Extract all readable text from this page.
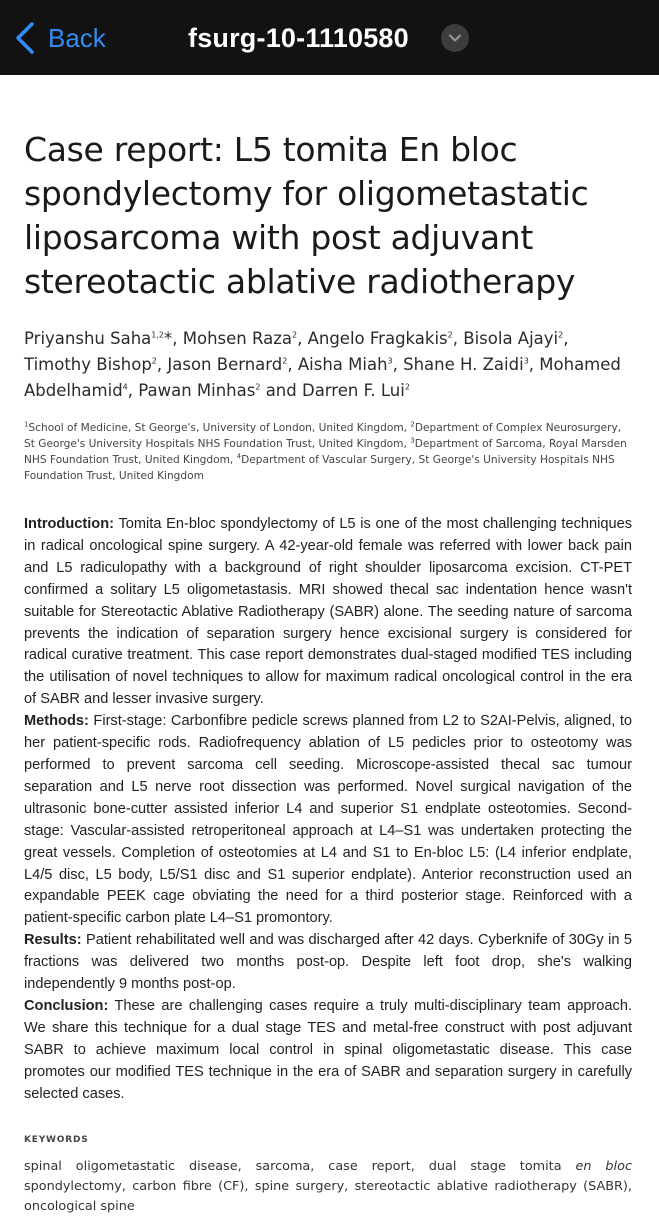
Back	fsurg-10-1110580
Case report: L5 tomita En bloc spondylectomy for oligometastatic liposarcoma with post adjuvant stereotactic ablative radiotherapy
Priyanshu Saha$^{1,2}$*, Mohsen Raza$^2$, Angelo Fragkakis$^2$, Bisola Ajayi$^2$, Timothy Bishop$^2$, Jason Bernard$^2$, Aisha Miah$^3$, Shane H. Zaidi$^3$, Mohamed Abdelhamid$^4$, Pawan Minhas$^2$ and Darren F. Lui$^2$
$^1$School of Medicine, St George's, University of London, United Kingdom, $^2$Department of Complex Neurosurgery, St George's University Hospitals NHS Foundation Trust, United Kingdom, $^3$Department of Sarcoma, Royal Marsden NHS Foundation Trust, United Kingdom, $^4$Department of Vascular Surgery, St George's University Hospitals NHS Foundation Trust, United Kingdom

Introduction: Tomita En-bloc spondylectomy of L5 is one of the most challenging techniques in radical oncological spine surgery. A 42-year-old female was referred with lower back pain and L5 radiculopathy with a background of right shoulder liposarcoma excision. CT-PET confirmed a solitary L5 oligometastasis. MRI showed thecal sac indentation hence wasn't suitable for Stereotactic Ablative Radiotherapy (SABR) alone. The seeding nature of sarcoma prevents the indication of separation surgery hence excisional surgery is considered for radical curative treatment. This case report demonstrates dual-staged modified TES including the utilisation of novel techniques to allow for maximum radical oncological control in the era of SABR and lesser invasive surgery.

Methods: First-stage: Carbonfibre pedicle screws planned from L2 to S2AI-Pelvis, aligned, to her patient-specific rods. Radiofrequency ablation of L5 pedicles prior to osteotomy was performed to prevent sarcoma cell seeding. Microscope-assisted thecal sac tumour separation and L5 nerve root dissection was performed. Novel surgical navigation of the ultrasonic bone-cutter assisted inferior L4 and superior S1 endplate osteotomies. Second-stage: Vascular-assisted retroperitoneal approach at L4–S1 was undertaken protecting the great vessels. Completion of osteotomies at L4 and S1 to En-bloc L5: (L4 inferior endplate, L4/5 disc, L5 body, L5/S1 disc and S1 superior endplate). Anterior reconstruction used an expandable PEEK cage obviating the need for a third posterior stage. Reinforced with a patient-specific carbon plate L4–S1 promontory.

Results: Patient rehabilitated well and was discharged after 42 days. Cyberknife of 30Gy in 5 fractions was delivered two months post-op. Despite left foot drop, she's walking independently 9 months post-op.

Conclusion: These are challenging cases require a truly multi-disciplinary team approach. We share this technique for a dual stage TES and metal-free construct with post adjuvant SABR to achieve maximum local control in spinal oligometastatic disease. This case promotes our modified TES technique in the era of SABR and separation surgery in carefully selected cases.

KEYWORDS
spinal oligometastatic disease, sarcoma, case report, dual stage tomita en bloc spondylectomy, carbon fibre (CF), spine surgery, stereotactic ablative radiotherapy (SABR), oncological spine
